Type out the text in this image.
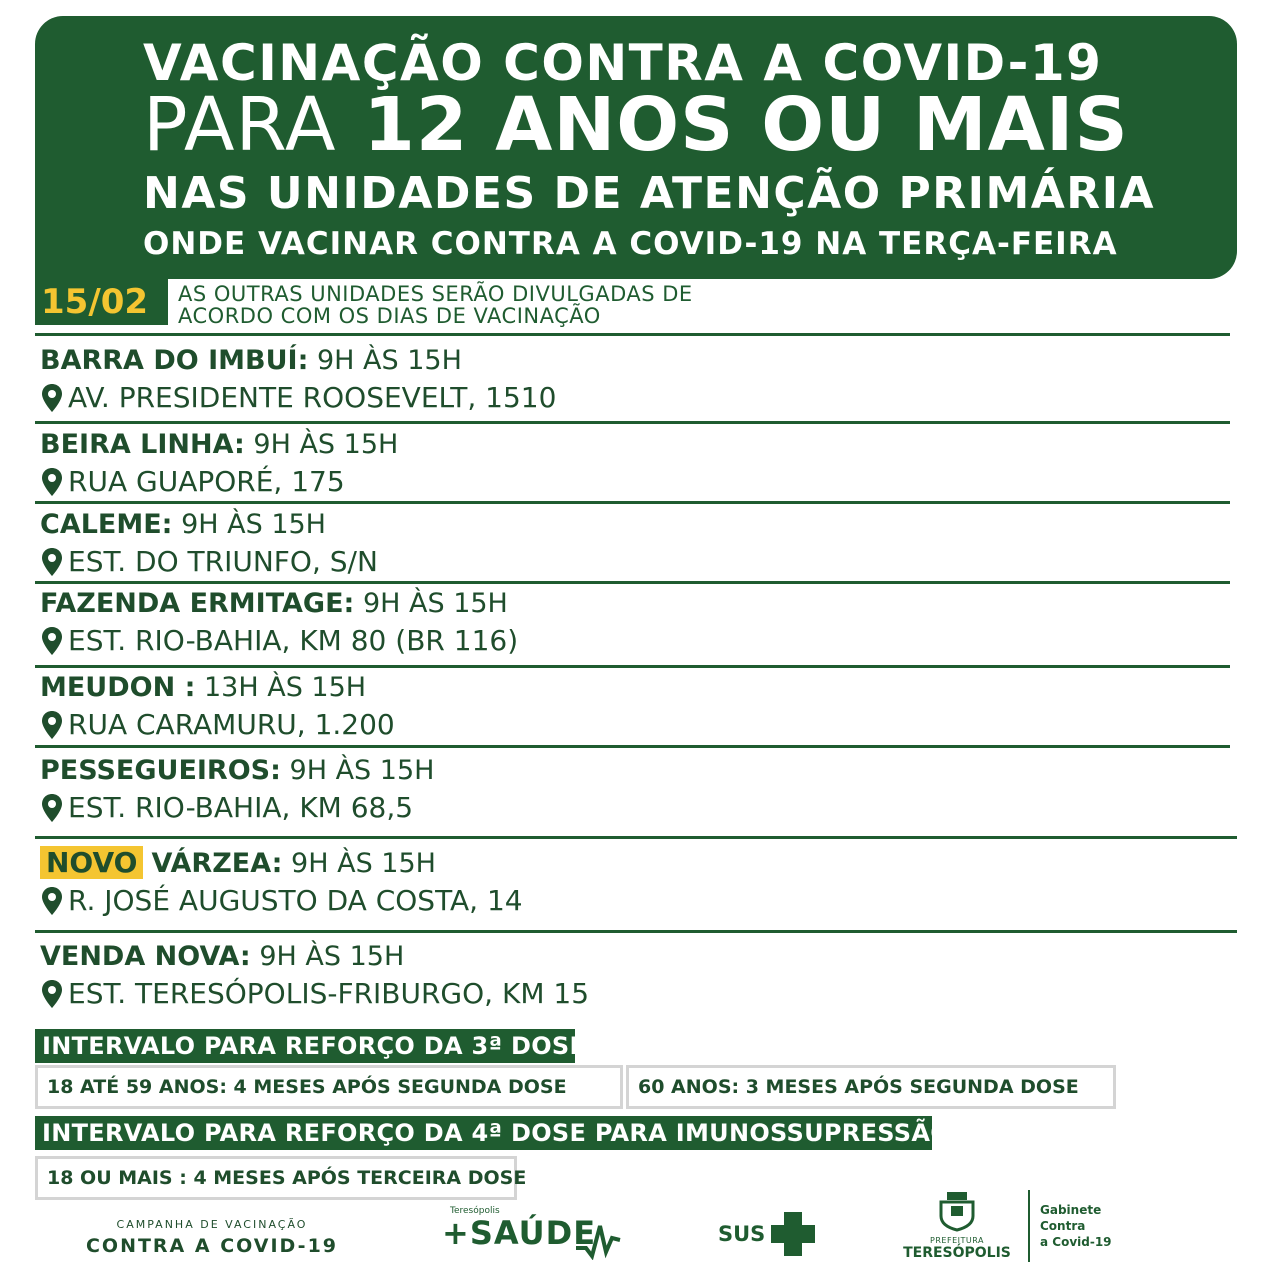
VACINAÇÃO CONTRA A COVID-19
PARA 12 ANOS OU MAIS
NAS UNIDADES DE ATENÇÃO PRIMÁRIA
ONDE VACINAR CONTRA A COVID-19 NA TERÇA-FEIRA
15/02	AS OUTRAS UNIDADES SERÃO DIVULGADAS DE
ACORDO COM OS DIAS DE VACINAÇÃO
BARRA DO IMBUÍ: 9H ÀS 15H
AV. PRESIDENTE ROOSEVELT, 1510
BEIRA LINHA: 9H ÀS 15H
RUA GUAPORÉ, 175
CALEME: 9H ÀS 15H
EST. DO TRIUNFO, S/N
FAZENDA ERMITAGE: 9H ÀS 15H
EST. RIO-BAHIA, KM 80 (BR 116)
MEUDON : 13H ÀS 15H
RUA CARAMURU, 1.200
PESSEGUEIROS: 9H ÀS 15H
EST. RIO-BAHIA, KM 68,5
NOVO VÁRZEA: 9H ÀS 15H
R. JOSÉ AUGUSTO DA COSTA, 14
VENDA NOVA: 9H ÀS 15H
EST. TERESÓPOLIS-FRIBURGO, KM 15
INTERVALO PARA REFORÇO DA 3ª DOSE
18 ATÉ 59 ANOS: 4 MESES APÓS SEGUNDA DOSE	60 ANOS: 3 MESES APÓS SEGUNDA DOSE
INTERVALO PARA REFORÇO DA 4ª DOSE PARA IMUNOSSUPRESSÃO
18 OU MAIS : 4 MESES APÓS TERCEIRA DOSE
CAMPANHA DE VACINAÇÃO
CONTRA A COVID-19
Teresópolis
+SAÚDE	SUS	PREFEITURA
TERESÓPOLIS
Gabinete
Contra
a Covid-19
